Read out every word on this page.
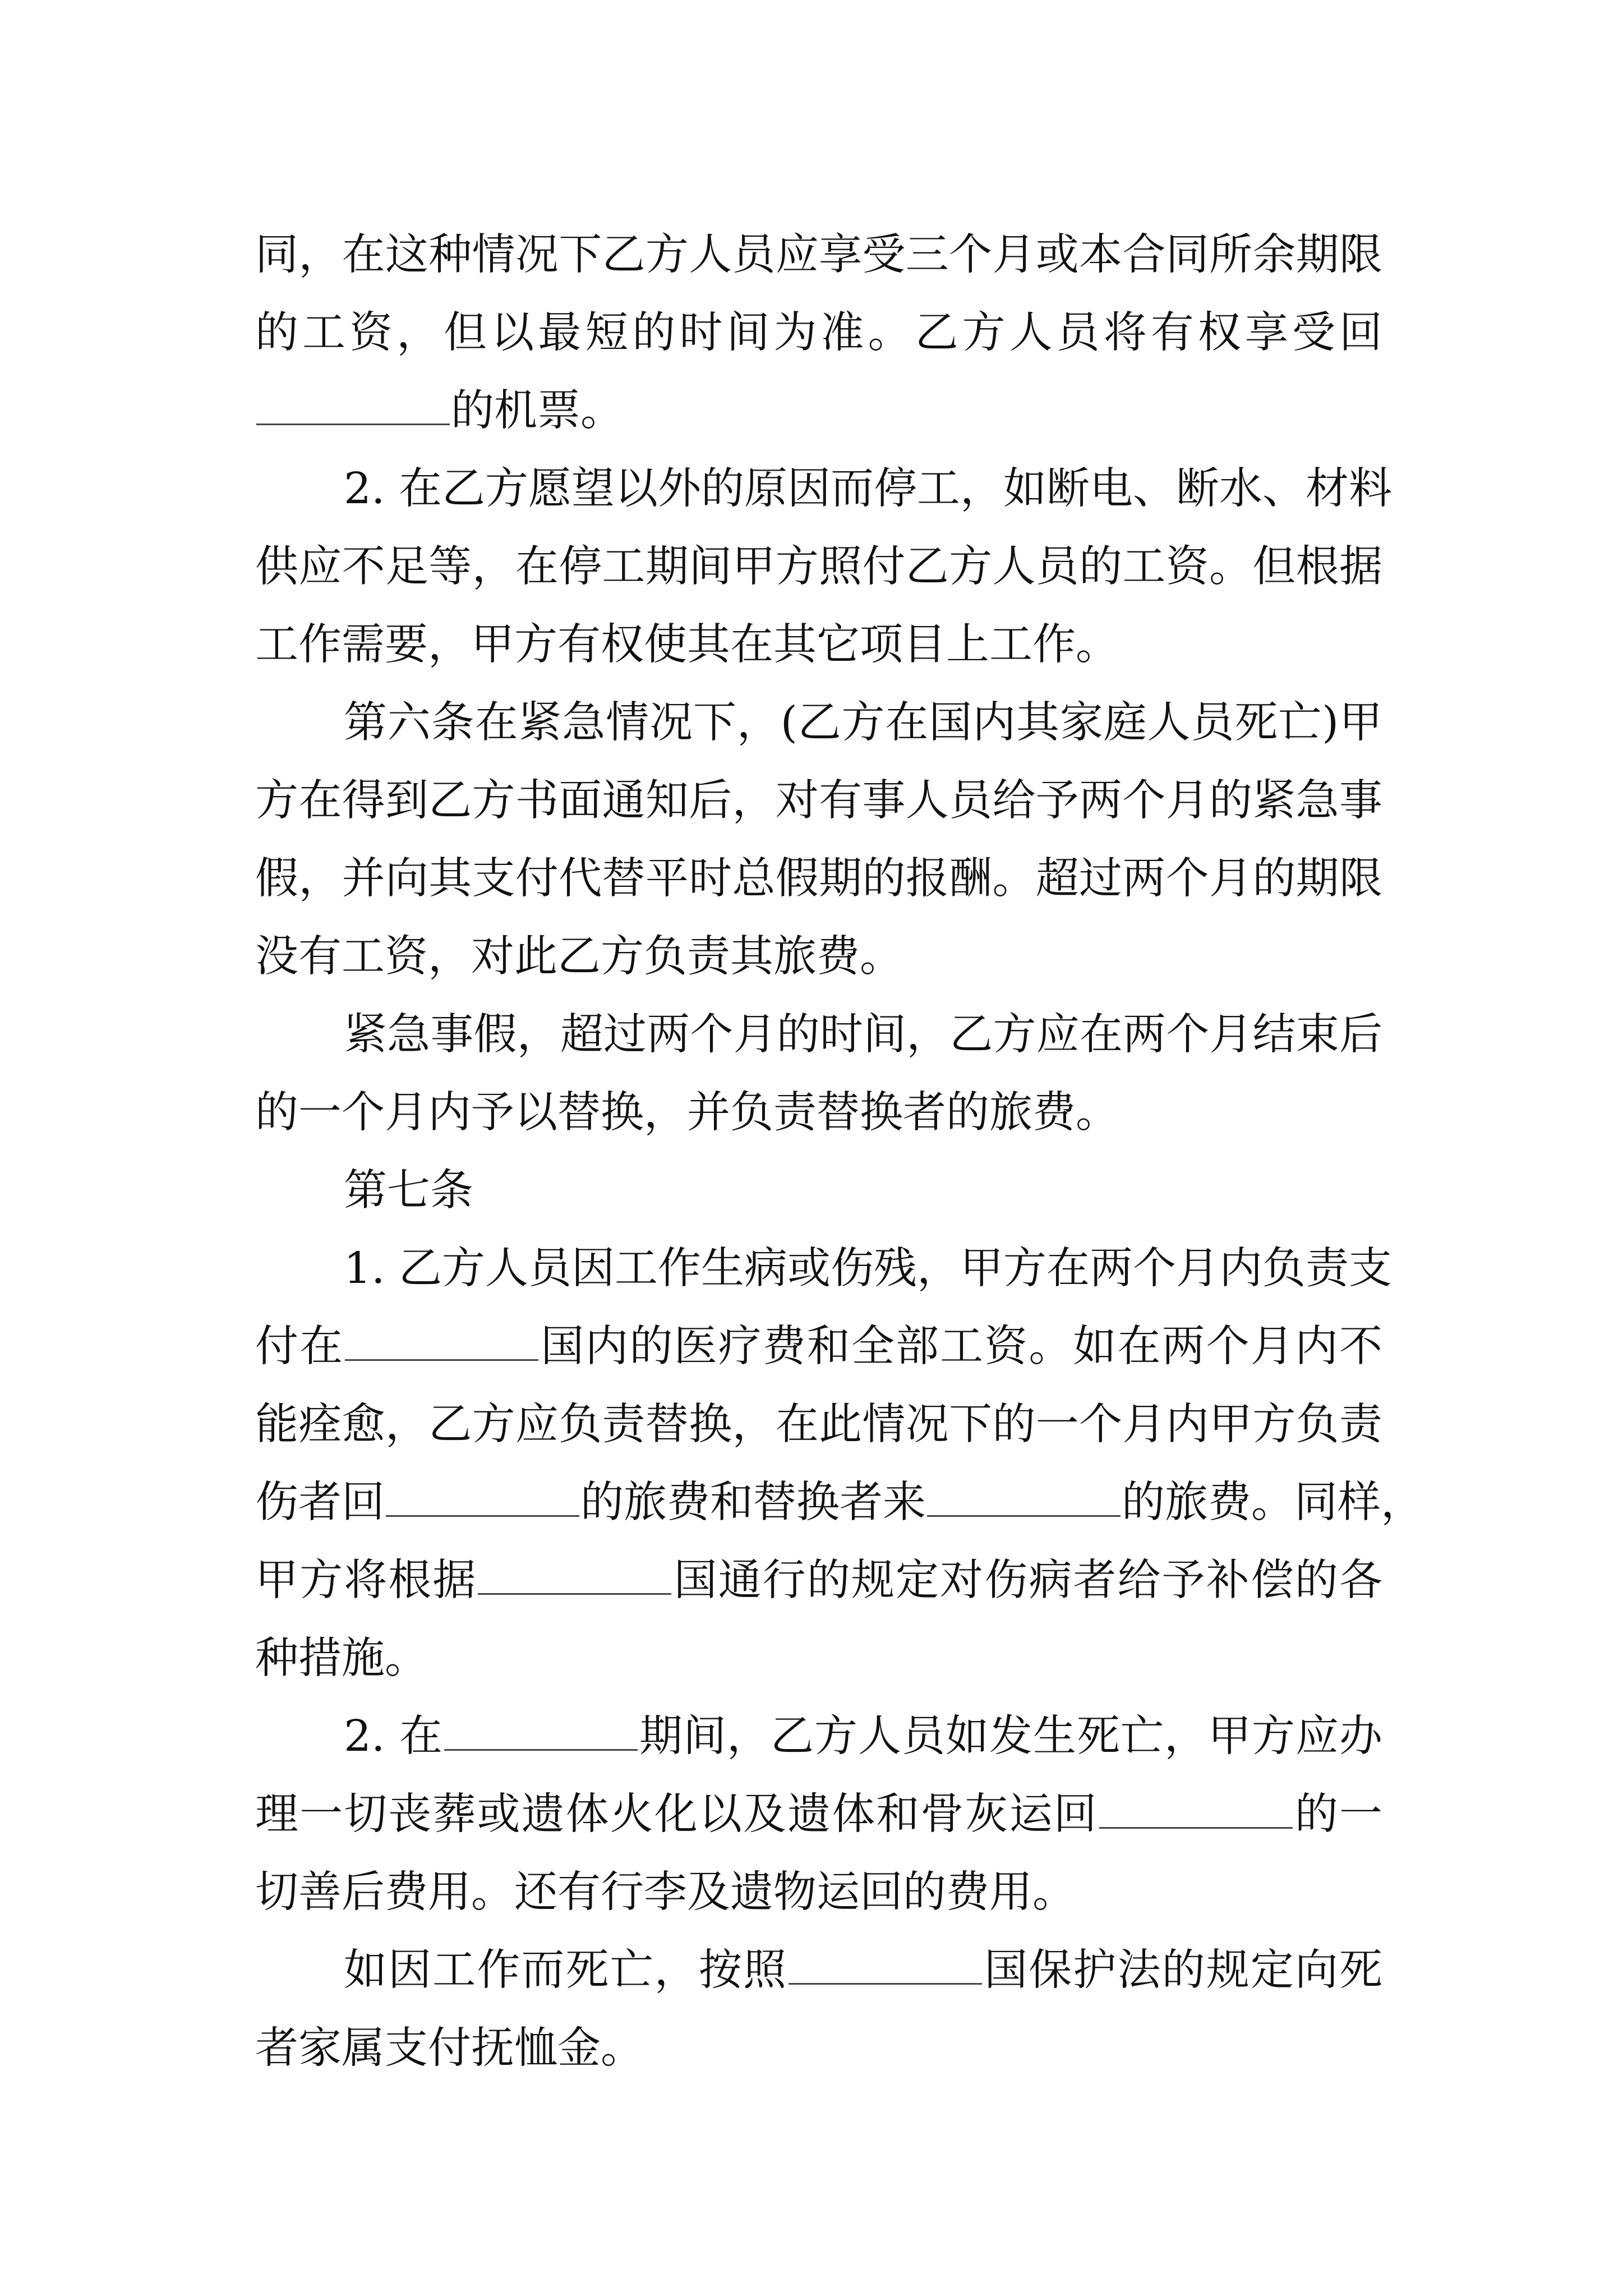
同，在这种情况下乙方人员应享受三个月或本合同所余期限
的工资，但以最短的时间为准。乙方人员将有权享受回
的机票。
2. 在乙方愿望以外的原因而停工，如断电、断水、材料
供应不足等，在停工期间甲方照付乙方人员的工资。但根据
工作需要，甲方有权使其在其它项目上工作。
第六条在紧急情况下，(乙方在国内其家庭人员死亡)甲
方在得到乙方书面通知后，对有事人员给予两个月的紧急事
假，并向其支付代替平时总假期的报酬。超过两个月的期限
没有工资，对此乙方负责其旅费。
紧急事假，超过两个月的时间，乙方应在两个月结束后
的一个月内予以替换，并负责替换者的旅费。
第七条
1. 乙方人员因工作生病或伤残，甲方在两个月内负责支
付在	国内的医疗费和全部工资。如在两个月内不
能痊愈，乙方应负责替换，在此情况下的一个月内甲方负责
伤者回	的旅费和替换者来	的旅费。同样，
甲方将根据	国通行的规定对伤病者给予补偿的各
种措施。
2. 在	期间，乙方人员如发生死亡，甲方应办
理一切丧葬或遗体火化以及遗体和骨灰运回	的一
切善后费用。还有行李及遗物运回的费用。
如因工作而死亡，按照	国保护法的规定向死
者家属支付抚恤金。
